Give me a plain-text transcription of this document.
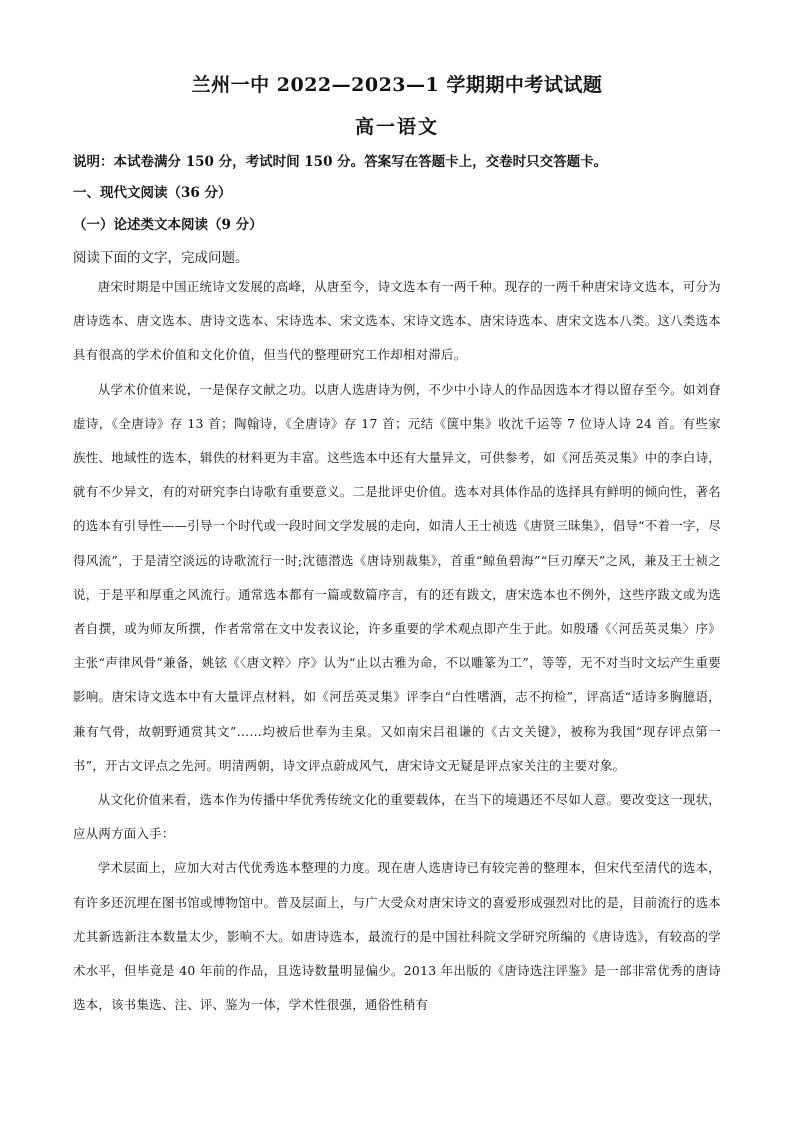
兰州一中 2022—2023—1 学期期中考试试题
高一语文
说明：本试卷满分 150 分，考试时间 150 分。答案写在答题卡上，交卷时只交答题卡。
一、现代文阅读（36 分）
（一）论述类文本阅读（9 分）
阅读下面的文字，完成问题。

唐宋时期是中国正统诗文发展的高峰，从唐至今，诗文选本有一两千种。现存的一两千种唐宋诗文选本，可分为唐诗选本、唐文选本、唐诗文选本、宋诗选本、宋文选本、宋诗文选本、唐宋诗选本、唐宋文选本八类。这八类选本具有很高的学术价值和文化价值，但当代的整理研究工作却相对滞后。

从学术价值来说，一是保存文献之功。以唐人选唐诗为例，不少中小诗人的作品因选本才得以留存至今。如刘眘虚诗，《全唐诗》存 13 首；陶翰诗，《全唐诗》存 17 首；元结《箧中集》收沈千运等 7 位诗人诗 24 首。有些家族性、地域性的选本，辑佚的材料更为丰富。这些选本中还有大量异文，可供参考，如《河岳英灵集》中的李白诗，就有不少异文，有的对研究李白诗歌有重要意义。二是批评史价值。选本对具体作品的选择具有鲜明的倾向性，著名的选本有引导性——引导一个时代或一段时间文学发展的走向，如清人王士祯选《唐贤三昧集》，倡导“不着一字，尽得风流”，于是清空淡远的诗歌流行一时;沈德潜选《唐诗别裁集》，首重“鲸鱼碧海”“巨刃摩天”之风，兼及王士祯之说，于是平和厚重之风流行。通常选本都有一篇或数篇序言，有的还有跋文，唐宋选本也不例外，这些序跋文或为选者自撰，或为师友所撰，作者常常在文中发表议论，许多重要的学术观点即产生于此。如殷璠《〈河岳英灵集〉序》主张“声律风骨”兼备，姚铉《〈唐文粹〉序》认为“止以古雅为命，不以雕篆为工”，等等，无不对当时文坛产生重要影响。唐宋诗文选本中有大量评点材料，如《河岳英灵集》评李白“白性嗜酒，志不拘检”，评高适“适诗多胸臆语，兼有气骨，故朝野通赏其文”……均被后世奉为圭臬。又如南宋吕祖谦的《古文关键》，被称为我国“现存评点第一书”，开古文评点之先河。明清两朝，诗文评点蔚成风气，唐宋诗文无疑是评点家关注的主要对象。

从文化价值来看，选本作为传播中华优秀传统文化的重要载体，在当下的境遇还不尽如人意。要改变这一现状，应从两方面入手：

学术层面上，应加大对古代优秀选本整理的力度。现在唐人选唐诗已有较完善的整理本，但宋代至清代的选本，有许多还沉埋在图书馆或博物馆中。普及层面上，与广大受众对唐宋诗文的喜爱形成强烈对比的是，目前流行的选本尤其新选新注本数量太少，影响不大。如唐诗选本，最流行的是中国社科院文学研究所编的《唐诗选》，有较高的学术水平，但毕竟是 40 年前的作品，且选诗数量明显偏少。2013 年出版的《唐诗选注评鉴》是一部非常优秀的唐诗选本，该书集选、注、评、鉴为一体，学术性很强，通俗性稍有
